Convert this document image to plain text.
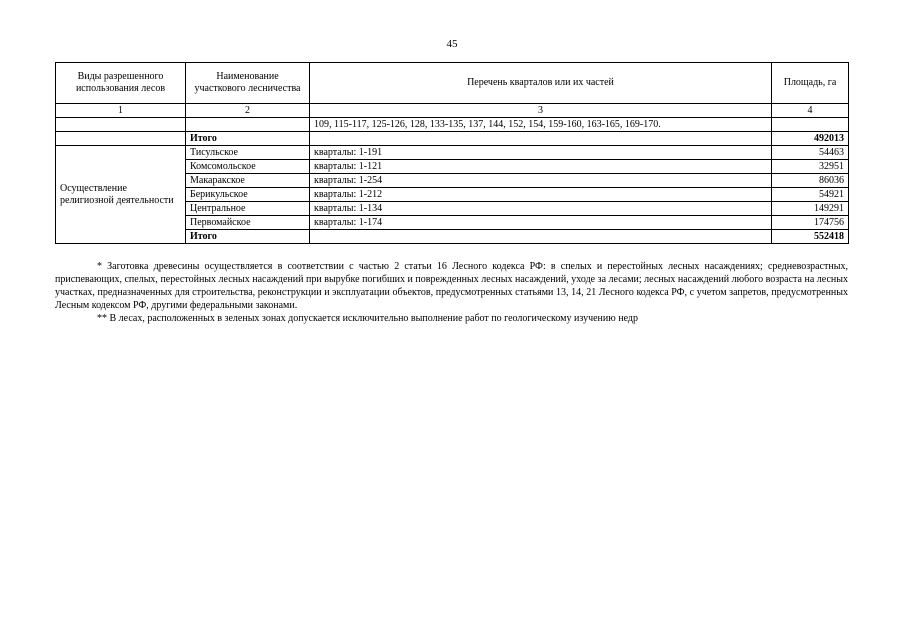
45
Виды разрешенного использования лесов	Наименование участкового лесничества	Перечень кварталов или их частей	Площадь, га
1	2	3	4
		109, 115-117, 125-126, 128, 133-135, 137, 144, 152, 154, 159-160, 163-165, 169-170.	
	Итого		492013
Осуществление религиозной деятельности	Тисульское	кварталы: 1-191	54463
	Комсомольское	кварталы: 1-121	32951
	Макаракское	кварталы: 1-254	86036
	Берикульское	кварталы: 1-212	54921
	Центральное	кварталы: 1-134	149291
	Первомайское	кварталы: 1-174	174756
	Итого		552418

* Заготовка древесины осуществляется в соответствии с частью 2 статьи 16 Лесного кодекса РФ: в спелых и перестойных лесных насаждениях; средневозрастных, приспевающих, спелых, перестойных лесных насаждений при вырубке погибших и поврежденных лесных насаждений, уходе за лесами; лесных насаждений любого возраста на лесных участках, предназначенных для строительства, реконструкции и эксплуатации объектов, предусмотренных статьями 13, 14, 21 Лесного кодекса РФ, с учетом запретов, предусмотренных Лесным кодексом РФ, другими федеральными законами.

** В лесах, расположенных в зеленых зонах допускается исключительно выполнение работ по геологическому изучению недр
